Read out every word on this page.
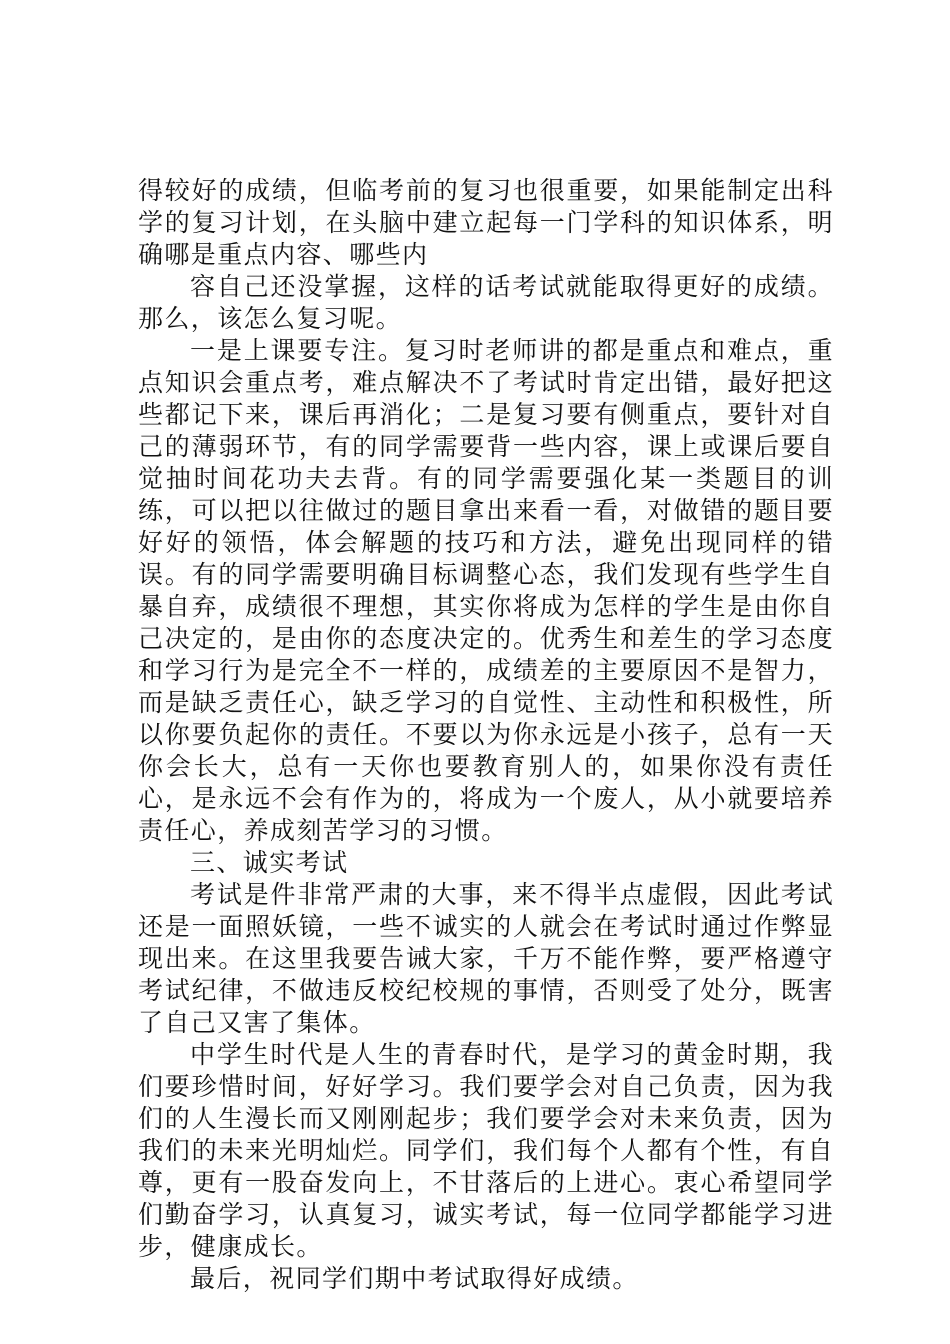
得较好的成绩，但临考前的复习也很重要，如果能制定出科学的复习计划，在头脑中建立起每一门学科的知识体系，明确哪是重点内容、哪些内

容自己还没掌握，这样的话考试就能取得更好的成绩。那么，该怎么复习呢。

一是上课要专注。复习时老师讲的都是重点和难点，重点知识会重点考，难点解决不了考试时肯定出错，最好把这些都记下来，课后再消化；二是复习要有侧重点，要针对自己的薄弱环节，有的同学需要背一些内容，课上或课后要自觉抽时间花功夫去背。有的同学需要强化某一类题目的训练，可以把以往做过的题目拿出来看一看，对做错的题目要好好的领悟，体会解题的技巧和方法，避免出现同样的错误。有的同学需要明确目标调整心态，我们发现有些学生自暴自弃，成绩很不理想，其实你将成为怎样的学生是由你自己决定的，是由你的态度决定的。优秀生和差生的学习态度和学习行为是完全不一样的，成绩差的主要原因不是智力，而是缺乏责任心，缺乏学习的自觉性、主动性和积极性，所以你要负起你的责任。不要以为你永远是小孩子，总有一天你会长大，总有一天你也要教育别人的，如果你没有责任心，是永远不会有作为的，将成为一个废人，从小就要培养责任心，养成刻苦学习的习惯。

三、诚实考试

考试是件非常严肃的大事，来不得半点虚假，因此考试还是一面照妖镜，一些不诚实的人就会在考试时通过作弊显现出来。在这里我要告诫大家，千万不能作弊，要严格遵守考试纪律，不做违反校纪校规的事情，否则受了处分，既害了自己又害了集体。

中学生时代是人生的青春时代，是学习的黄金时期，我们要珍惜时间，好好学习。我们要学会对自己负责，因为我们的人生漫长而又刚刚起步；我们要学会对未来负责，因为我们的未来光明灿烂。同学们，我们每个人都有个性，有自尊，更有一股奋发向上，不甘落后的上进心。衷心希望同学们勤奋学习，认真复习，诚实考试，每一位同学都能学习进步，健康成长。

最后，祝同学们期中考试取得好成绩。
